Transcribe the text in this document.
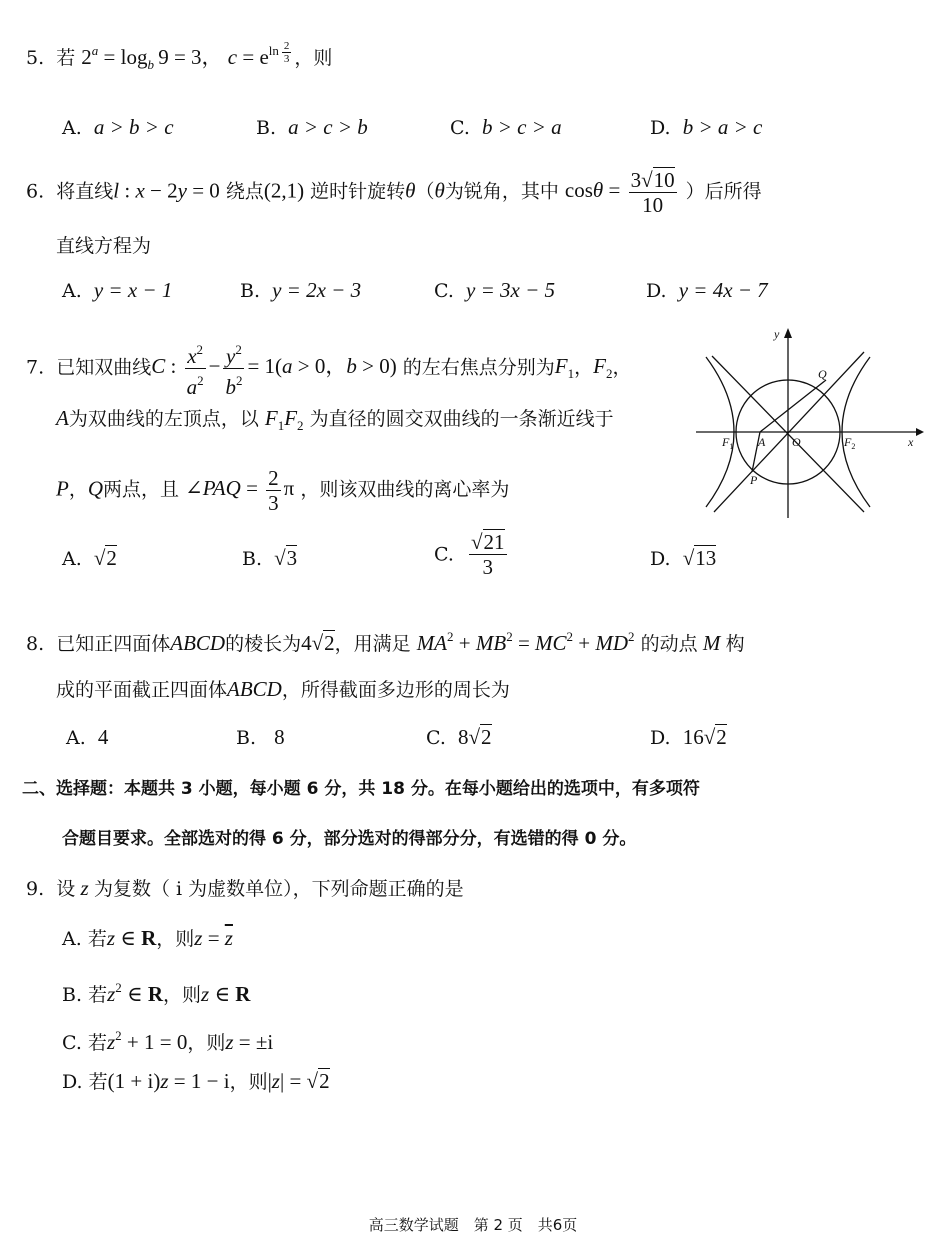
5. 若 $2^a = \log_b 9 = 3$， $c = e^{ln \frac{2}{3}}$ ，则
A. a > b > c	B. a > c > b	C. b > c > a	D. b > a > c
6. 将直线l : x − 2y = 0 绕点(2,1) 逆时针旋转θ（θ为锐角，其中 $\cos\theta = \frac{3√10}{10}$ ）后所得
直线方程为
A. y = x − 1	B. y = 2x − 3	C. y = 3x − 5	D. y = 4x − 7
7. 已知双曲线C : $\frac{x^2}{a^2} - \frac{y^2}{b^2} = 1(a > 0$，b > 0) 的左右焦点分别为$F_1$，$F_2$，
A为双曲线的左顶点，以 $F_1F_2$ 为直径的圆交双曲线的一条渐近线于
P，Q两点，且 ∠PAQ = $\frac{2}{3}$ π ，则该双曲线的离心率为
A. √2	B. √3	C. $\frac{√21}{3}$	D. √13
y
x
Q
P
A O
$F_1$	$F_2$
8. 已知正四面体ABCD的棱长为4√2，用满足 $MA^2 + MB^2 = MC^2 + MD^2$ 的动点 M 构
成的平面截正四面体ABCD，所得截面多边形的周长为
A. 4	B. 8	C. 8√2	D. 16√2
二、选择题：本题共 3 小题，每小题 6 分，共 18 分。在每小题给出的选项中，有多项符
合题目要求。全部选对的得 6 分，部分选对的得部分分，有选错的得 0 分。
9. 设 z 为复数（ i 为虚数单位），下列命题正确的是
A. 若z ∈ R，则$z = \overline{z}$
B. 若$z^2$ ∈ R，则z ∈ R
C. 若$z^2 + 1 = 0$，则z = ±i
D. 若(1 + i)z = 1 − i，则|z| = √2
高三数学试题　第 2 页　共6页
